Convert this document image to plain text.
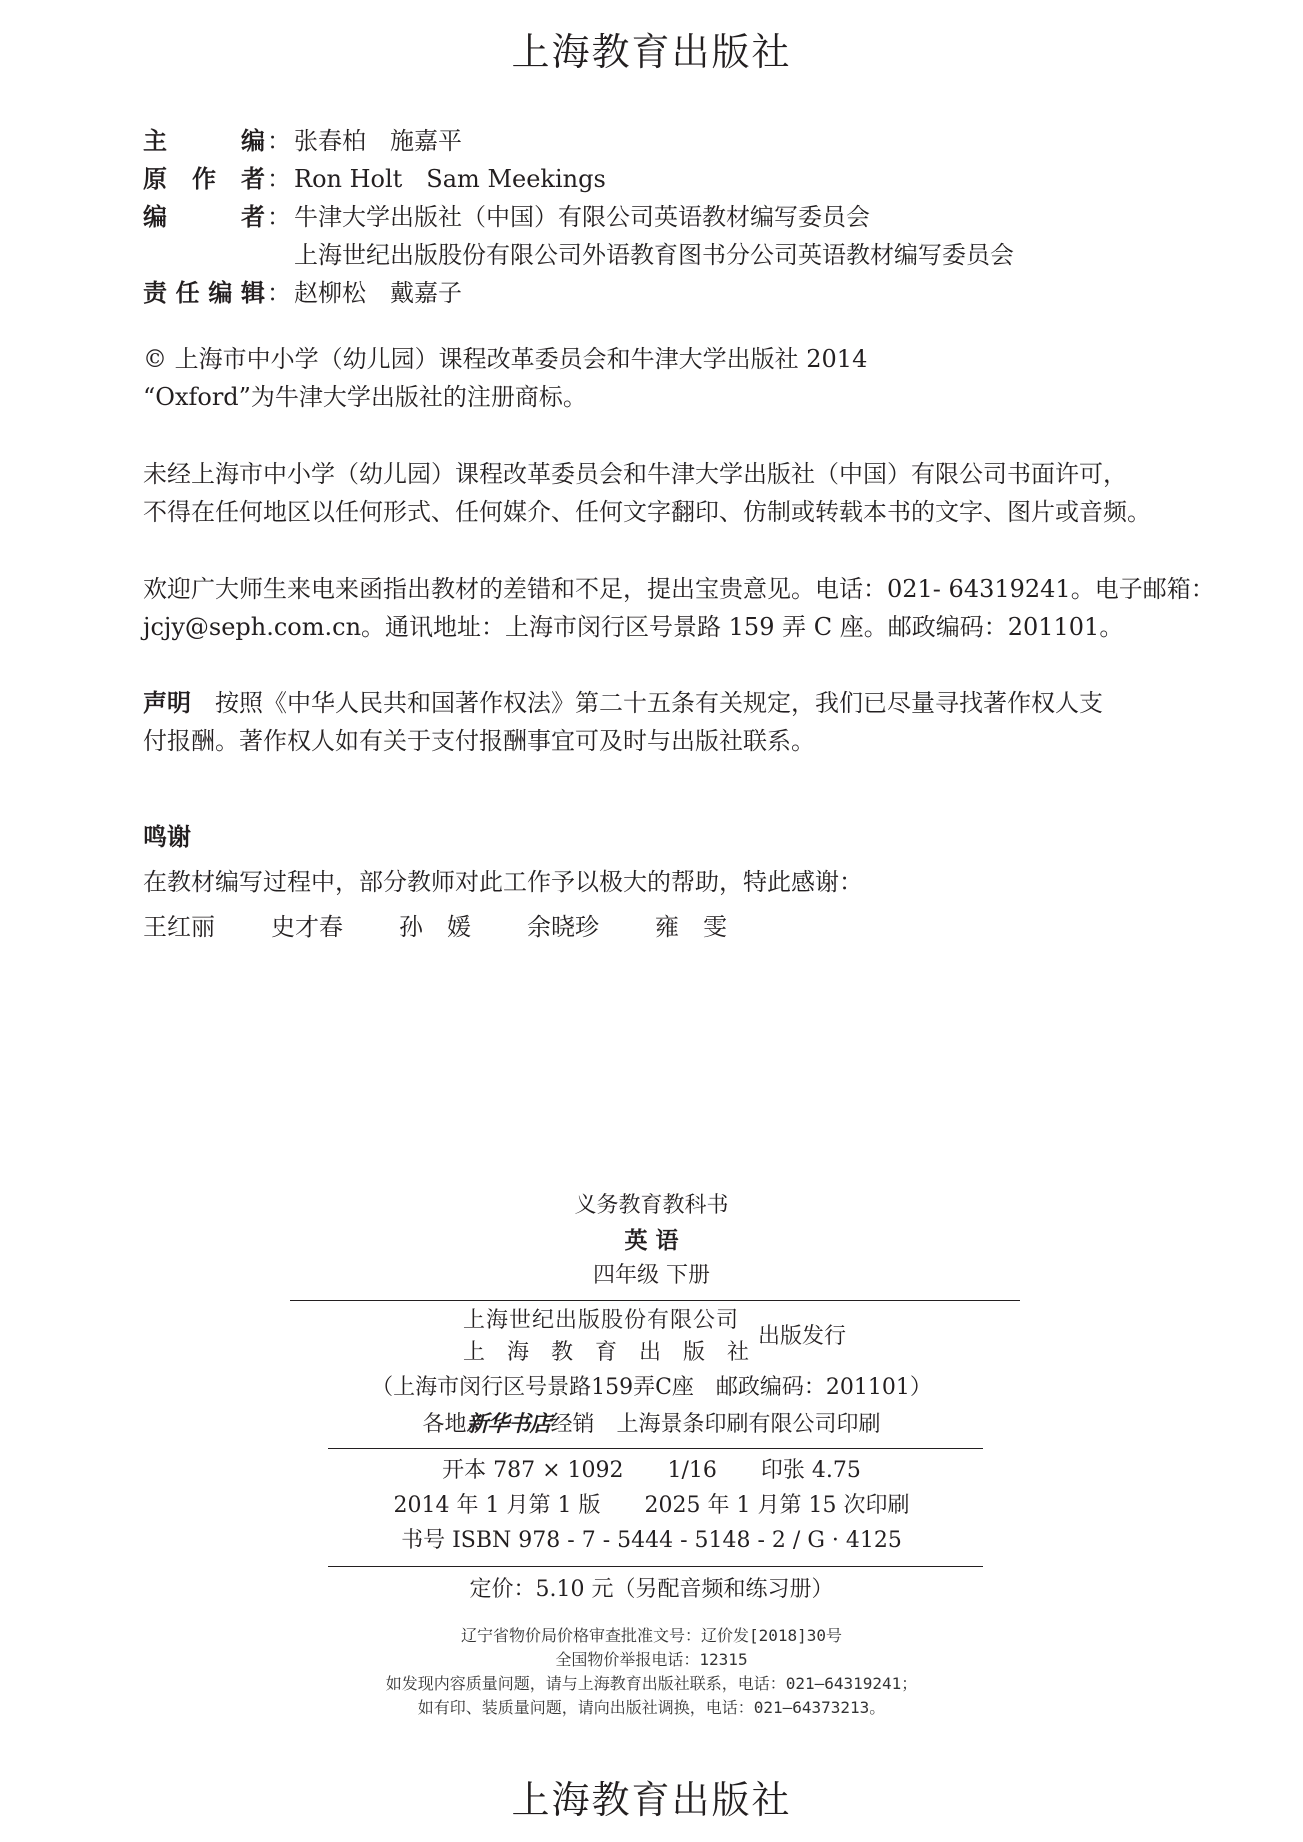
上海教育出版社
主	编 ： 张春柏　施嘉平
原 作 者 ： Ron Holt　Sam Meekings
编	者 ： 牛津大学出版社（中国）有限公司英语教材编写委员会
上海世纪出版股份有限公司外语教育图书分公司英语教材编写委员会
责 任 编 辑 ： 赵柳松　戴嘉子
© 上海市中小学（幼儿园）课程改革委员会和牛津大学出版社 2014
“Oxford”为牛津大学出版社的注册商标。
未经上海市中小学（幼儿园）课程改革委员会和牛津大学出版社（中国）有限公司书面许可，
不得在任何地区以任何形式、任何媒介、任何文字翻印、仿制或转载本书的文字、图片或音频。
欢迎广大师生来电来函指出教材的差错和不足，提出宝贵意见。电话：021- 64319241。电子邮箱：
jcjy@seph.com.cn。通讯地址：上海市闵行区号景路 159 弄 C 座。邮政编码：201101。
声明　 按照《中华人民共和国著作权法》第二十五条有关规定，我们已尽量寻找著作权人支
付报酬。著作权人如有关于支付报酬事宜可及时与出版社联系。
鸣谢
在教材编写过程中，部分教师对此工作予以极大的帮助，特此感谢：
王红丽 史才春 孙　媛 余晓珍 雍　雯
义务教育教科书
英 语
四年级 下册
上海世纪出版股份有限公司
上　海　教　育　出　版　社
出版发行
（上海市闵行区号景路159弄C座　邮政编码：201101）
各地新华书店经销　上海景条印刷有限公司印刷
开本 787 × 1092　　1/16　　印张 4.75
2014 年 1 月第 1 版　　2025 年 1 月第 15 次印刷
书号 ISBN 978 - 7 - 5444 - 5148 - 2 / G · 4125
定价：5.10 元（另配音频和练习册）
辽宁省物价局价格审查批准文号：辽价发[2018]30号
全国物价举报电话：12315
如发现内容质量问题，请与上海教育出版社联系，电话：021—64319241；
如有印、装质量问题，请向出版社调换，电话：021—64373213。
上海教育出版社
